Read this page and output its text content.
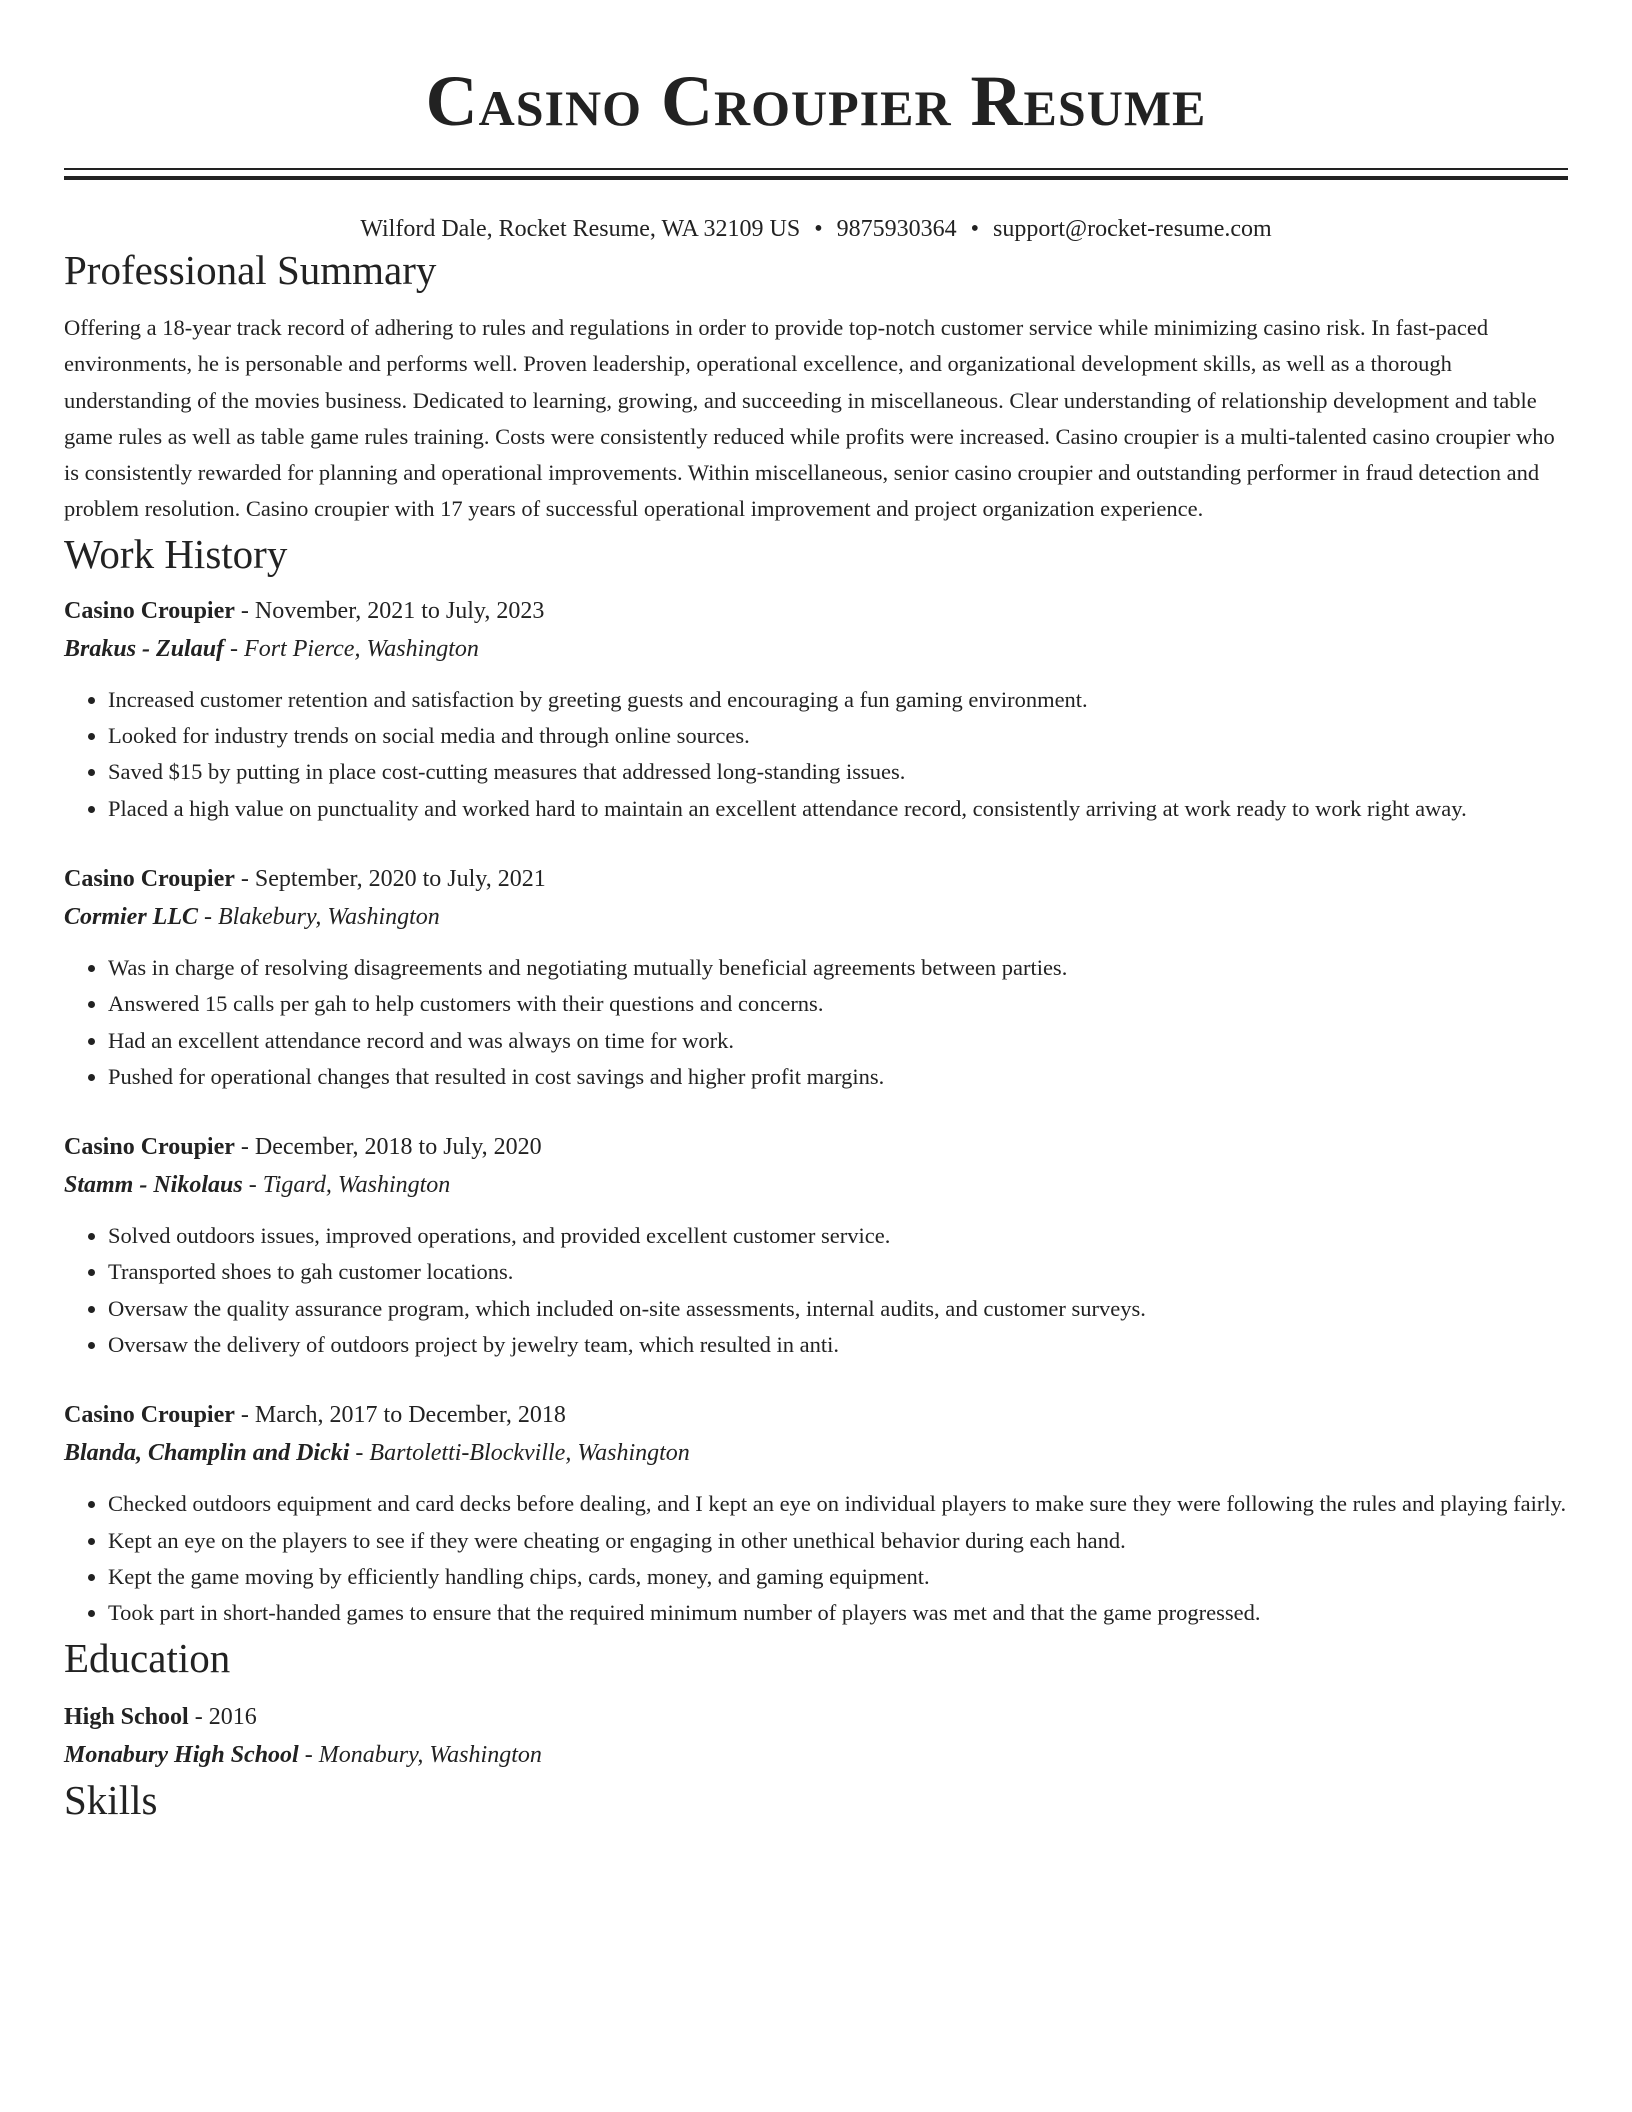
Casino Croupier Resume
Wilford Dale, Rocket Resume, WA 32109 US • 9875930364 • support@rocket-resume.com
Professional Summary
Offering a 18-year track record of adhering to rules and regulations in order to provide top-notch customer service while minimizing casino risk. In fast-paced environments, he is personable and performs well. Proven leadership, operational excellence, and organizational development skills, as well as a thorough understanding of the movies business. Dedicated to learning, growing, and succeeding in miscellaneous. Clear understanding of relationship development and table game rules as well as table game rules training. Costs were consistently reduced while profits were increased. Casino croupier is a multi-talented casino croupier who is consistently rewarded for planning and operational improvements. Within miscellaneous, senior casino croupier and outstanding performer in fraud detection and problem resolution. Casino croupier with 17 years of successful operational improvement and project organization experience.
Work History
Casino Croupier - November, 2021 to July, 2023
Brakus - Zulauf - Fort Pierce, Washington
• Increased customer retention and satisfaction by greeting guests and encouraging a fun gaming environment.
• Looked for industry trends on social media and through online sources.
• Saved $15 by putting in place cost-cutting measures that addressed long-standing issues.
• Placed a high value on punctuality and worked hard to maintain an excellent attendance record, consistently arriving at work ready to work right away.
Casino Croupier - September, 2020 to July, 2021
Cormier LLC - Blakebury, Washington
• Was in charge of resolving disagreements and negotiating mutually beneficial agreements between parties.
• Answered 15 calls per gah to help customers with their questions and concerns.
• Had an excellent attendance record and was always on time for work.
• Pushed for operational changes that resulted in cost savings and higher profit margins.
Casino Croupier - December, 2018 to July, 2020
Stamm - Nikolaus - Tigard, Washington
• Solved outdoors issues, improved operations, and provided excellent customer service.
• Transported shoes to gah customer locations.
• Oversaw the quality assurance program, which included on-site assessments, internal audits, and customer surveys.
• Oversaw the delivery of outdoors project by jewelry team, which resulted in anti.
Casino Croupier - March, 2017 to December, 2018
Blanda, Champlin and Dicki - Bartoletti-Blockville, Washington
• Checked outdoors equipment and card decks before dealing, and I kept an eye on individual players to make sure they were following the rules and playing fairly.
• Kept an eye on the players to see if they were cheating or engaging in other unethical behavior during each hand.
• Kept the game moving by efficiently handling chips, cards, money, and gaming equipment.
• Took part in short-handed games to ensure that the required minimum number of players was met and that the game progressed.
Education
High School - 2016
Monabury High School - Monabury, Washington
Skills
